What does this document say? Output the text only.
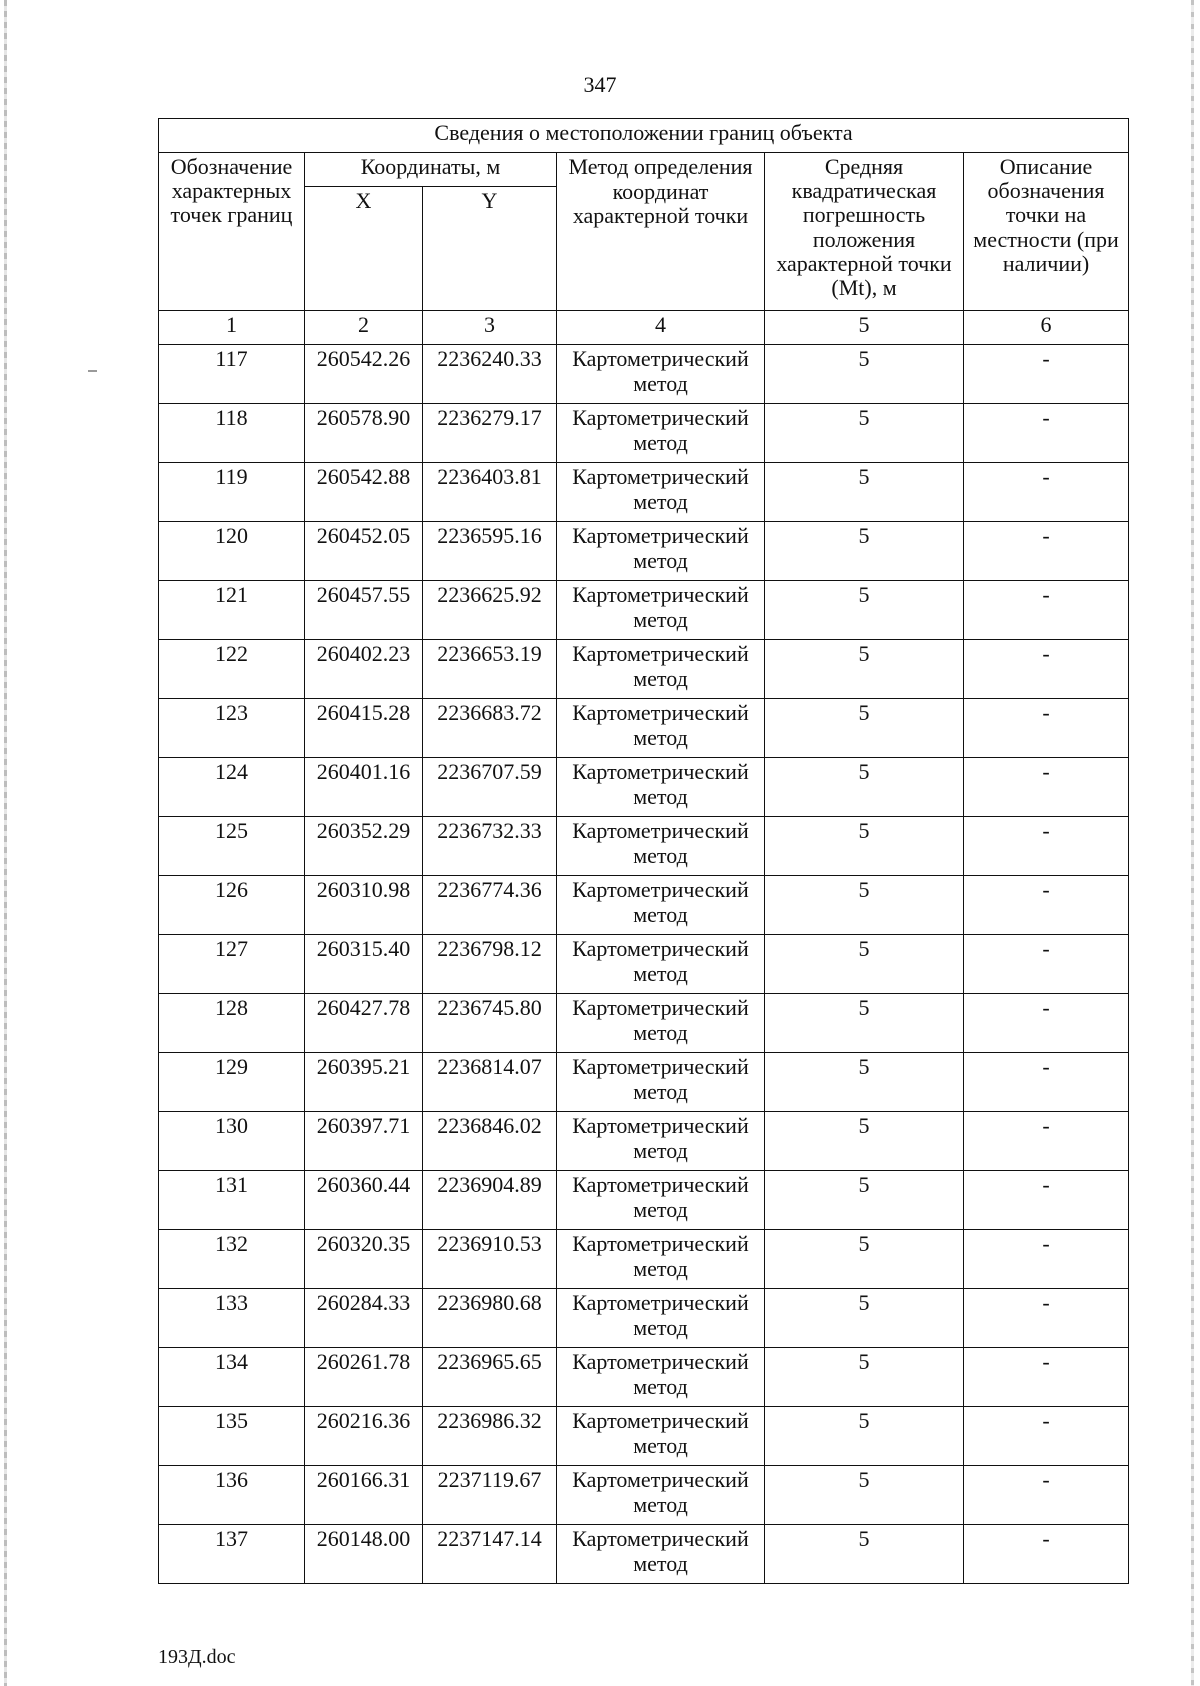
347
Сведения о местоположении границ объекта					
Обозначение характерных точек границ	Координаты, м		Метод определения координат характерной точки	Средняя квадратическая погрешность положения характерной точки (Mt), м	Описание обозначения точки на местности (при наличии)
	X	Y			
1	2	3	4	5	6
117	260542.26	2236240.33	Картометрический метод	5	-
118	260578.90	2236279.17	Картометрический метод	5	-
119	260542.88	2236403.81	Картометрический метод	5	-
120	260452.05	2236595.16	Картометрический метод	5	-
121	260457.55	2236625.92	Картометрический метод	5	-
122	260402.23	2236653.19	Картометрический метод	5	-
123	260415.28	2236683.72	Картометрический метод	5	-
124	260401.16	2236707.59	Картометрический метод	5	-
125	260352.29	2236732.33	Картометрический метод	5	-
126	260310.98	2236774.36	Картометрический метод	5	-
127	260315.40	2236798.12	Картометрический метод	5	-
128	260427.78	2236745.80	Картометрический метод	5	-
129	260395.21	2236814.07	Картометрический метод	5	-
130	260397.71	2236846.02	Картометрический метод	5	-
131	260360.44	2236904.89	Картометрический метод	5	-
132	260320.35	2236910.53	Картометрический метод	5	-
133	260284.33	2236980.68	Картометрический метод	5	-
134	260261.78	2236965.65	Картометрический метод	5	-
135	260216.36	2236986.32	Картометрический метод	5	-
136	260166.31	2237119.67	Картометрический метод	5	-
137	260148.00	2237147.14	Картометрический метод	5	-
193Д.doc
